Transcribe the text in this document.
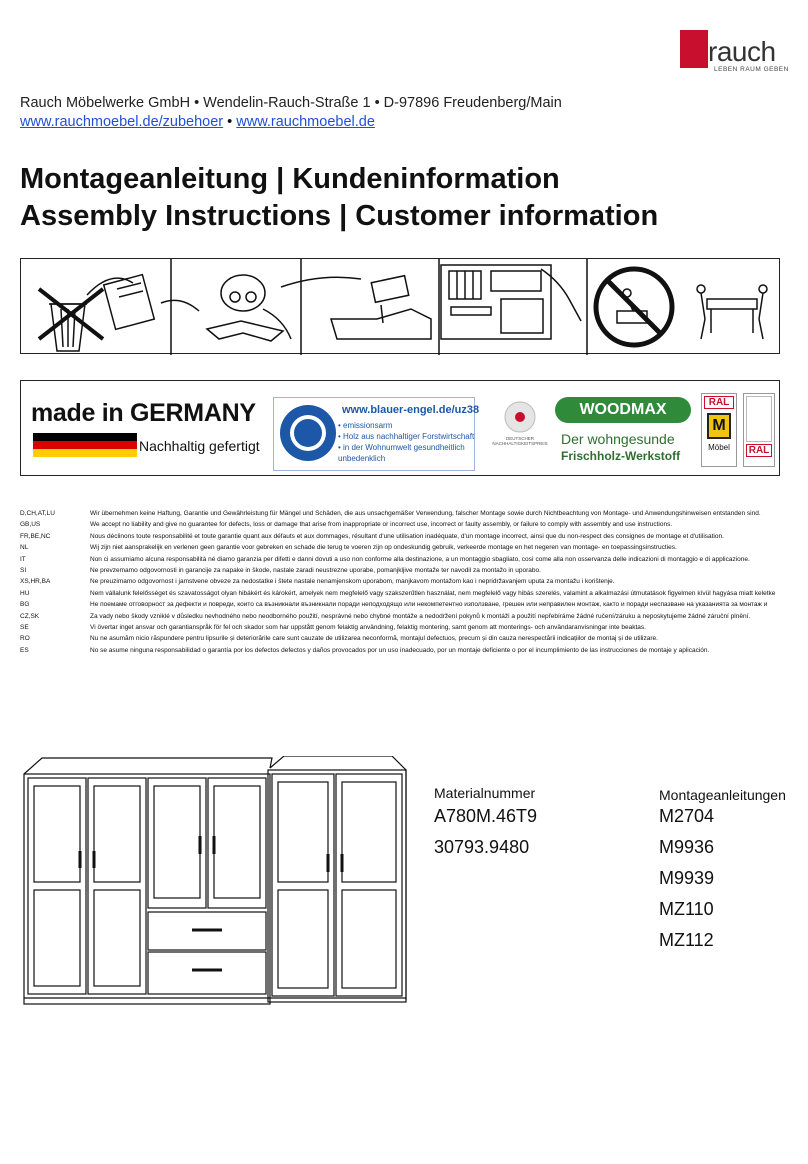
rauch
LEBEN RAUM GEBEN
Rauch Möbelwerke GmbH • Wendelin-Rauch-Straße 1 • D-97896 Freudenberg/Main
www.rauchmoebel.de/zubehoer • www.rauchmoebel.de
Montageanleitung | Kundeninformation
Assembly Instructions | Customer information
made in GERMANY
Nachhaltig gefertigt
www.blauer-engel.de/uz38
• emissionsarm
• Holz aus nachhaltiger Forstwirtschaft
• in der Wohnumwelt gesundheitlich
unbedenklich
DEUTSCHER NACHHALTIGKEITSPREIS
WOODMAX
Der wohngesunde
Frischholz-Werkstoff
RAL
M
Möbel	RAL
D,CH,AT,LU	Wir übernehmen keine Haftung, Garantie und Gewährleistung für Mängel und Schäden, die aus unsachgemäßer Verwendung, falscher Montage sowie durch Nichtbeachtung von Montage- und Anwendungshinweisen entstanden sind.
GB,US	We accept no liability and give no guarantee for defects, loss or damage that arise from inappropriate or incorrect use, incorrect or faulty assembly, or failure to comply with assembly and use instructions.
FR,BE,NC	Nous déclinons toute responsabilité et toute garantie quant aux défauts et aux dommages, résultant d'une utilisation inadéquate, d'un montage incorrect, ainsi que du non-respect des consignes de montage et d'utilisation.
NL	Wij zijn niet aansprakelijk en verlenen geen garantie voor gebreken en schade die terug te voeren zijn op ondeskundig gebruik, verkeerde montage en het negeren van montage- en toepassingsinstructies.
IT	Non ci assumiamo alcuna responsabilità né diamo garanzia per difetti e danni dovuti a uso non conforme alla destinazione, a un montaggio sbagliato, così come alla non osservanza delle indicazioni di montaggio e di applicazione.
SI	Ne prevzemamo odgovornosti in garancije za napake in škode, nastale zaradi neustrezne uporabe, pomanjkljive montaže ter navodil za montažo in uporabo.
XS,HR,BA	Ne preuzimamo odgovornost i jamstvene obveze za nedostatke i štete nastale nenamjenskom uporabom, manjkavom montažom kao i nepridržavanjem uputa za montažu i korištenje.
HU	Nem vállalunk felelősséget és szavatosságot olyan hibákért és károkért, amelyek nem megfelelő vagy szakszerűtlen használat, nem megfelelő vagy hibás szerelés, valamint a alkalmazási útmutatások figyelmen kívül hagyása miatt keletke
BG	Не поемаме отговорност за дефекти и повреди, които са възникнали възникнали поради неподходящо или некомпетентно използване, грешен или неправилен монтаж, както и поради неспазване на указанията за монтаж и
CZ,SK	Za vady nebo škody vzniklé v důsledku nevhodného nebo neodborného použití, nesprávné nebo chybné montáže a nedodržení pokynů k montáži a použití nepřebíráme žádné ručení/záruku a neposkytujeme žádné záruční plnění.
SE	Vi övertar inget ansvar och garantianspråk för fel och skador som har uppstått genom felaktig användning, felaktig montering, samt genom att monterings- och användaranvisningar inte beaktas.
RO	Nu ne asumăm niciо răspundere pentru lipsurile și deteriorările care sunt cauzate de utilizarea neconformă, montajul defectuos, precum și din cauza nerespectării indicațiilor de montaj și de utilizare.
ES	No se asume ninguna responsabilidad o garantía por los defectos defectos y daños provocados por un uso inadecuado, por un montaje deficiente o por el incumplimiento de las instrucciones de montaje y aplicación.
Materialnummer
A780M.46T9
30793.9480
Montageanleitungen
M2704
M9936
M9939
MZ110
MZ112
